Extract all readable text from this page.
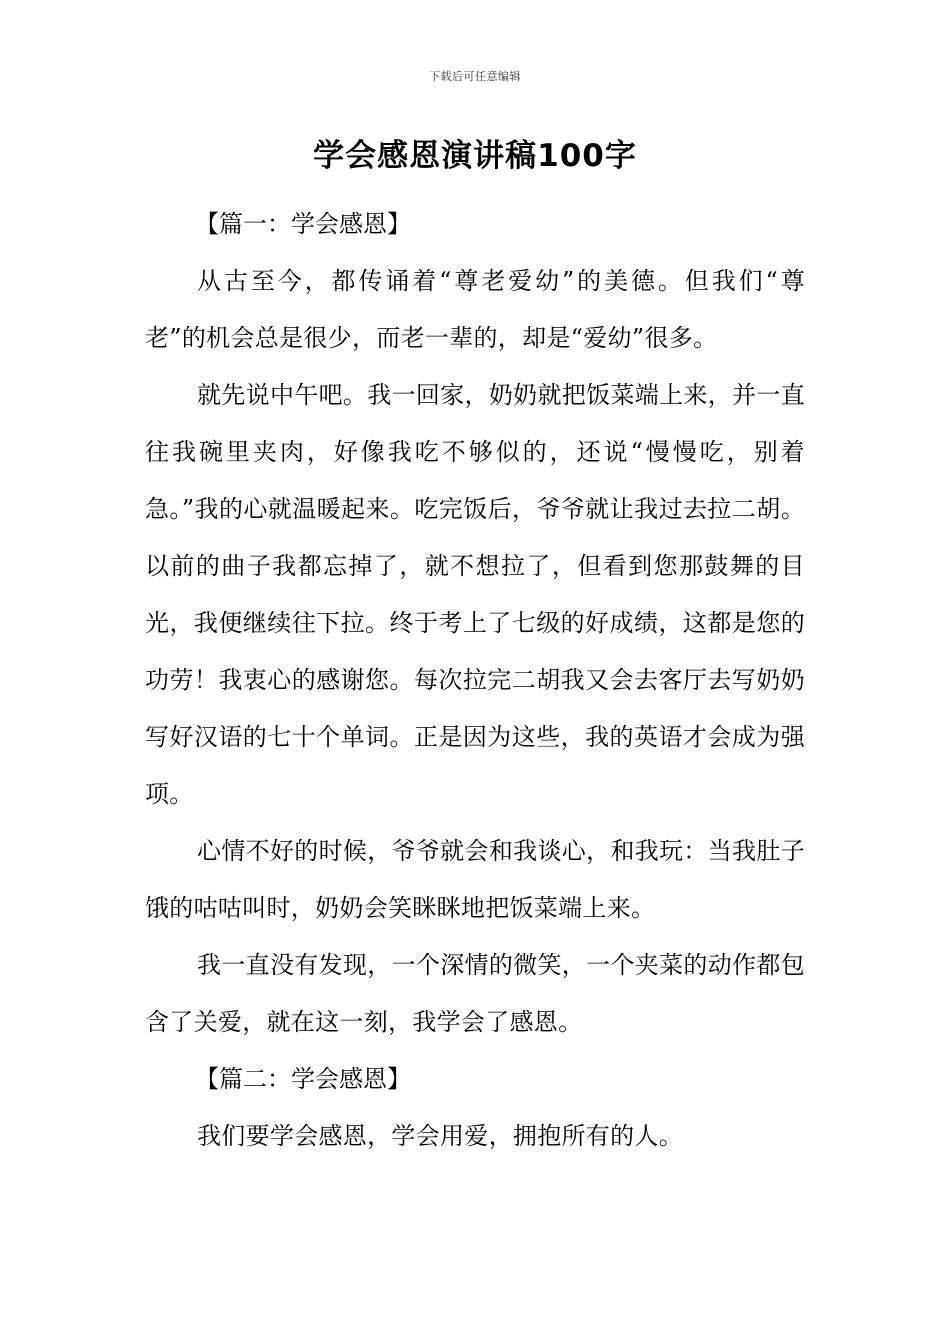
下载后可任意编辑
学会感恩演讲稿100字
【篇一：学会感恩】

从古至今，都传诵着“尊老爱幼”的美德。但我们“尊老”的机会总是很少，而老一辈的，却是“爱幼”很多。

就先说中午吧。我一回家，奶奶就把饭菜端上来，并一直往我碗里夹肉，好像我吃不够似的，还说“慢慢吃，别着急。”我的心就温暖起来。吃完饭后，爷爷就让我过去拉二胡。以前的曲子我都忘掉了，就不想拉了，但看到您那鼓舞的目光，我便继续往下拉。终于考上了七级的好成绩，这都是您的功劳！我衷心的感谢您。每次拉完二胡我又会去客厅去写奶奶写好汉语的七十个单词。正是因为这些，我的英语才会成为强项。

心情不好的时候，爷爷就会和我谈心，和我玩：当我肚子饿的咕咕叫时，奶奶会笑眯眯地把饭菜端上来。

我一直没有发现，一个深情的微笑，一个夹菜的动作都包含了关爱，就在这一刻，我学会了感恩。

【篇二：学会感恩】

我们要学会感恩，学会用爱，拥抱所有的人。
